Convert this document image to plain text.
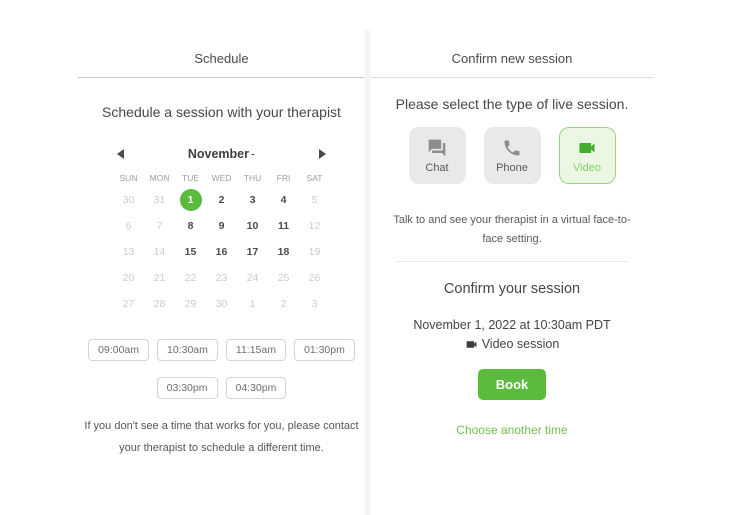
Schedule
Schedule a session with your therapist
November -
SUN	MON	TUE	WED	THU	FRI	SAT
30	31	1	2	3	4	5
6	7	8	9	10	11	12
13	14	15	16	17	18	19
20	21	22	23	24	25	26
27	28	29	30	1	2	3
09:00am	10:30am	11:15am	01:30pm
03:30pm	04:30pm

If you don't see a time that works for you, please contact
your therapist to schedule a different time.

Confirm new session

Please select the type of live session.

Chat	Phone	Video

Talk to and see your therapist in a virtual face-to-
face setting.

Confirm your session

November 1, 2022 at 10:30am PDT

Video session

Book
Choose another time
